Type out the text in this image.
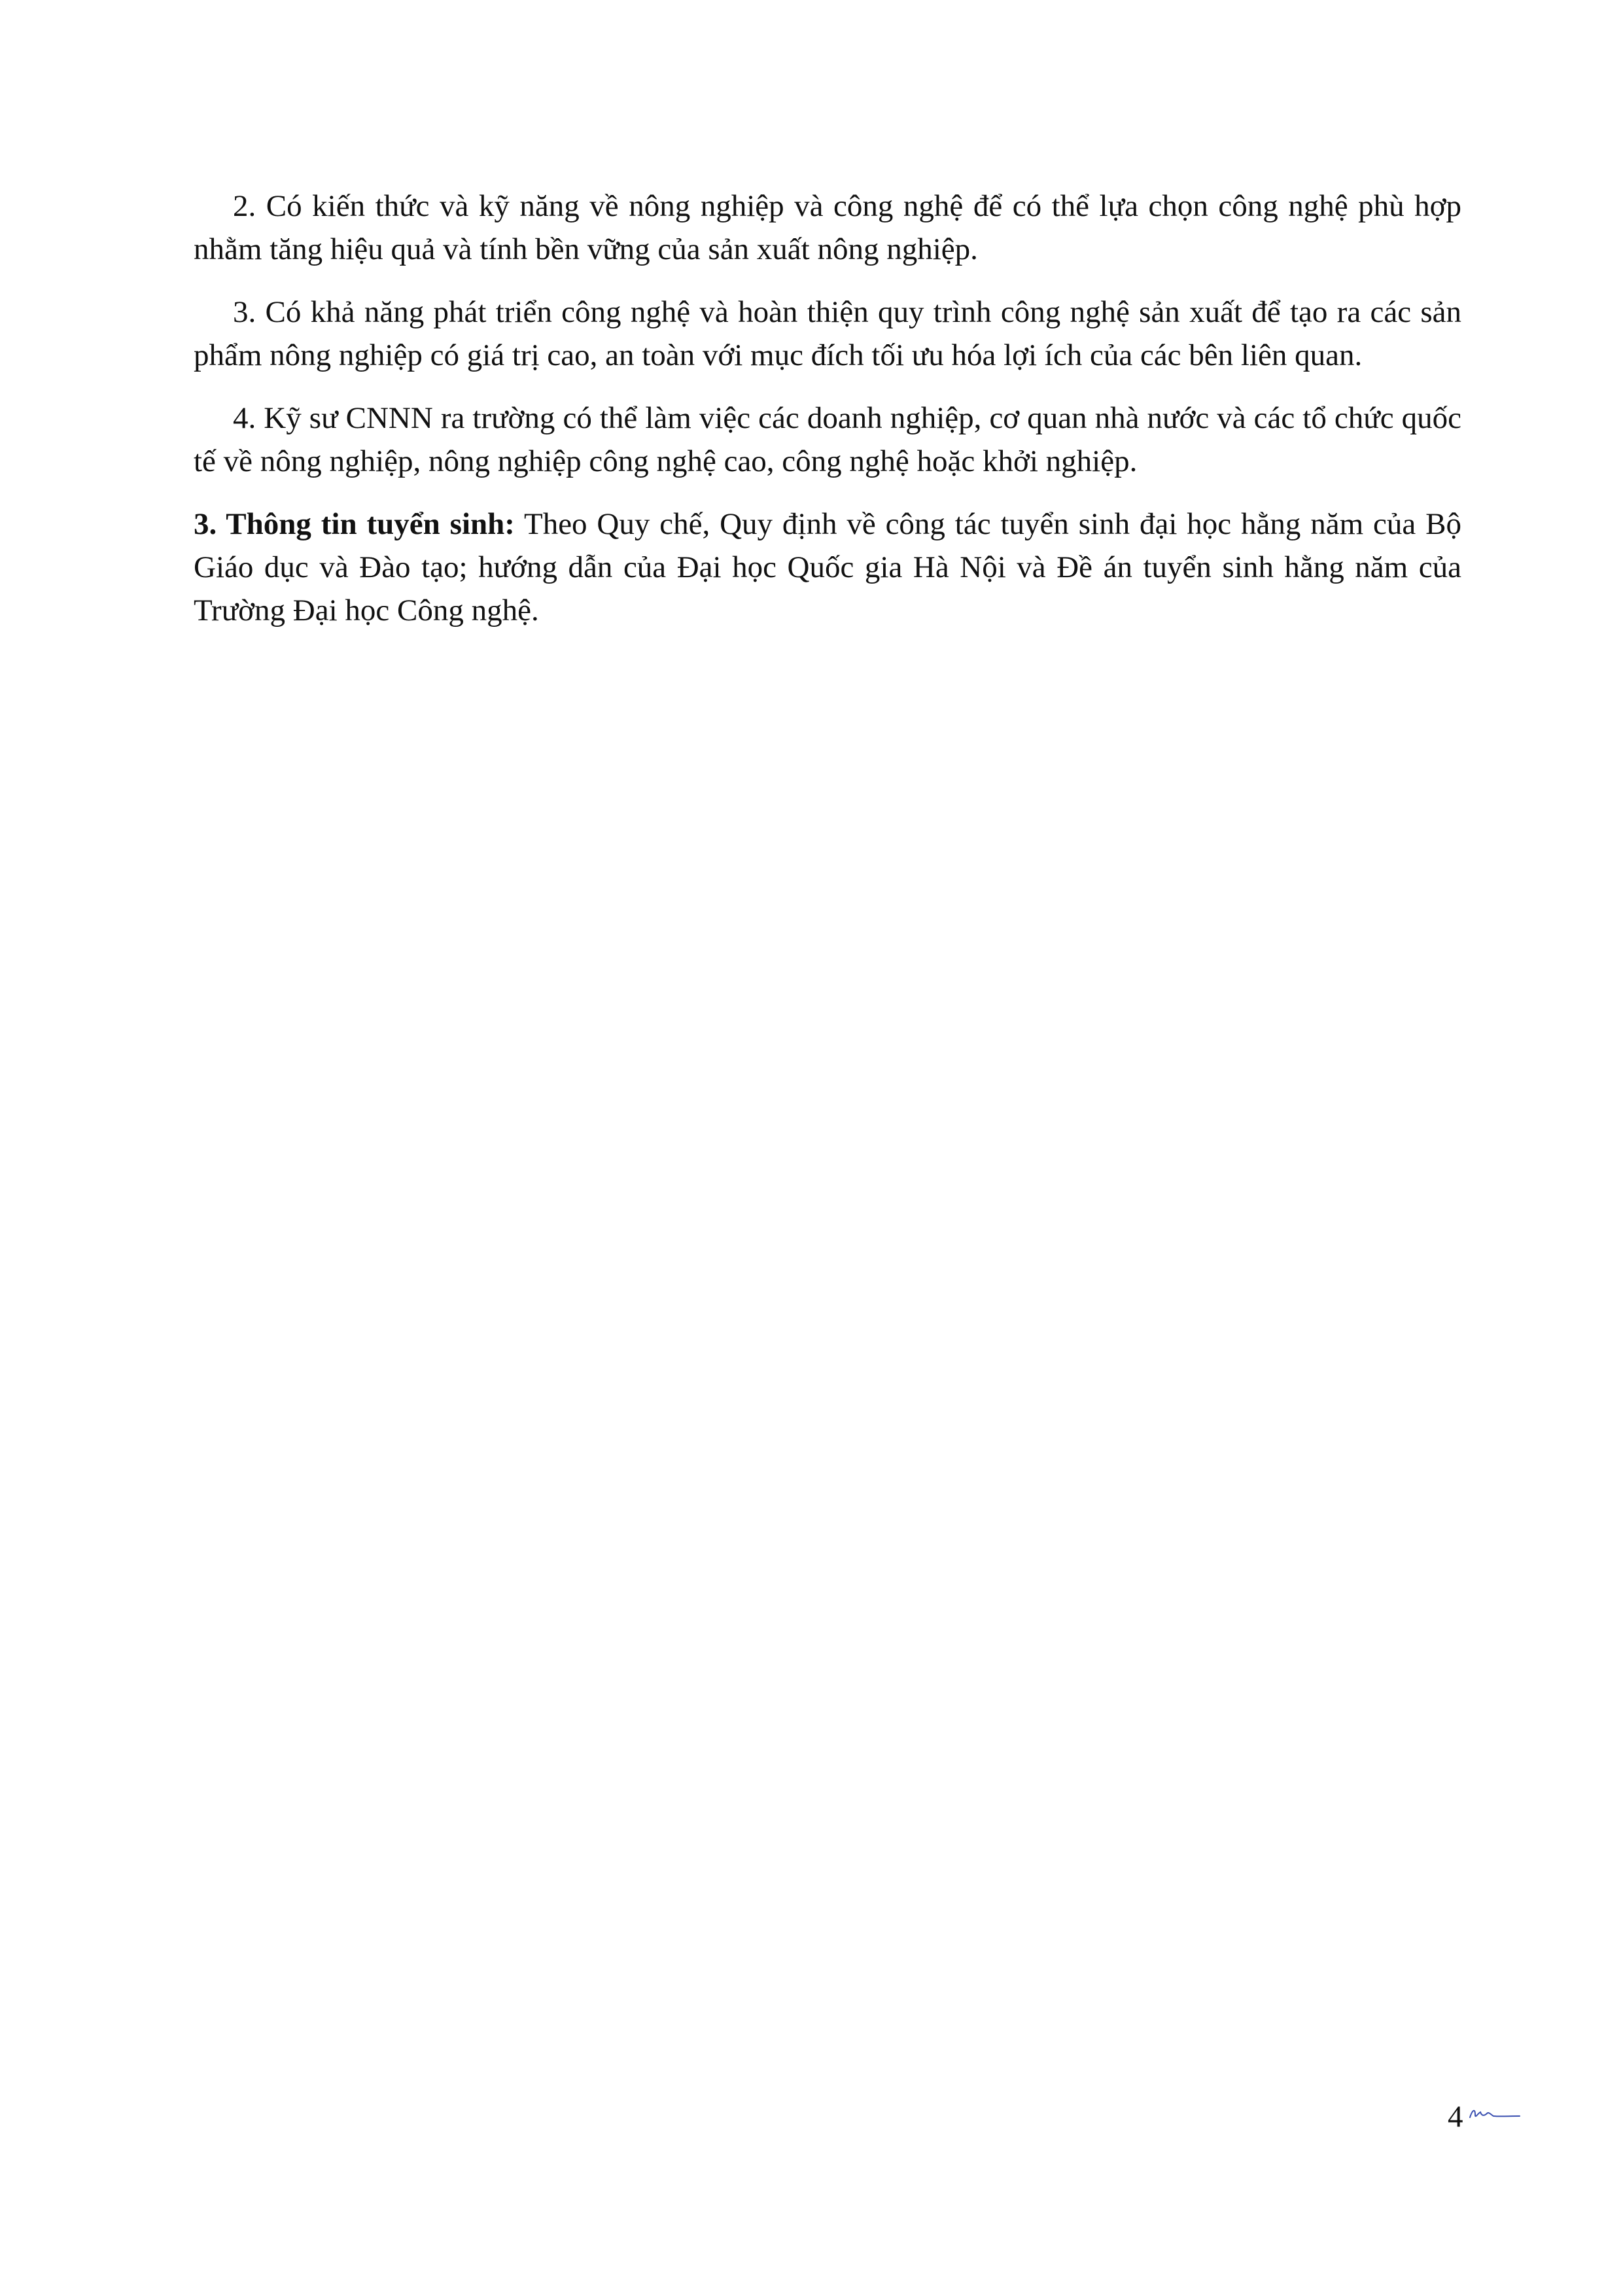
2. Có kiến thức và kỹ năng về nông nghiệp và công nghệ để có thể lựa chọn công nghệ phù hợp nhằm tăng hiệu quả và tính bền vững của sản xuất nông nghiệp.

3. Có khả năng phát triển công nghệ và hoàn thiện quy trình công nghệ sản xuất để tạo ra các sản phẩm nông nghiệp có giá trị cao, an toàn với mục đích tối ưu hóa lợi ích của các bên liên quan.

4. Kỹ sư CNNN ra trường có thể làm việc các doanh nghiệp, cơ quan nhà nước và các tổ chức quốc tế về nông nghiệp, nông nghiệp công nghệ cao, công nghệ hoặc khởi nghiệp.

3. Thông tin tuyển sinh: Theo Quy chế, Quy định về công tác tuyển sinh đại học hằng năm của Bộ Giáo dục và Đào tạo; hướng dẫn của Đại học Quốc gia Hà Nội và Đề án tuyển sinh hằng năm của Trường Đại học Công nghệ.

4
